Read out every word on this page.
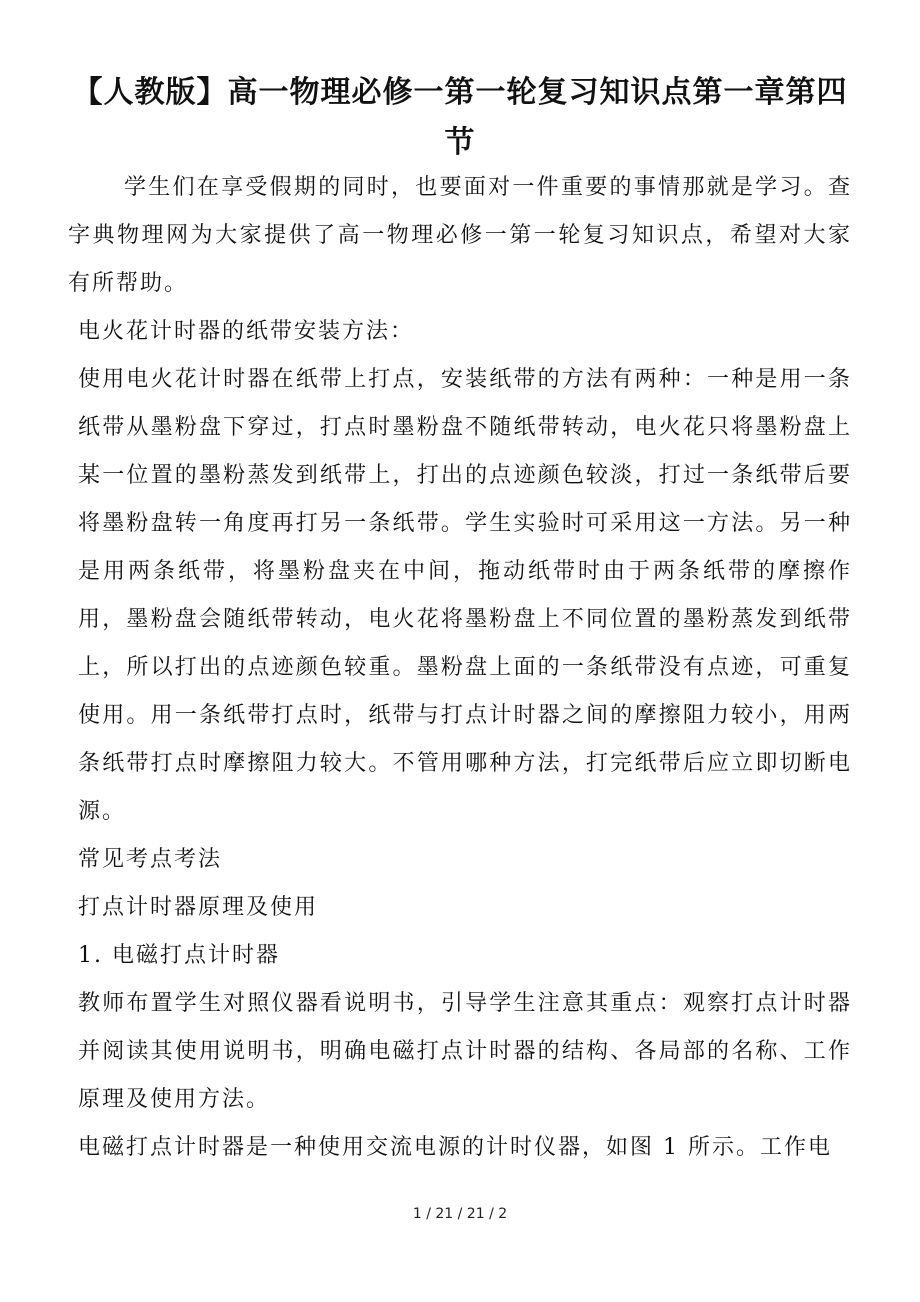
【人教版】高一物理必修一第一轮复习知识点第一章第四节

学生们在享受假期的同时，也要面对一件重要的事情那就是学习。查字典物理网为大家提供了高一物理必修一第一轮复习知识点，希望对大家有所帮助。

电火花计时器的纸带安装方法：

使用电火花计时器在纸带上打点，安装纸带的方法有两种：一种是用一条纸带从墨粉盘下穿过，打点时墨粉盘不随纸带转动，电火花只将墨粉盘上某一位置的墨粉蒸发到纸带上，打出的点迹颜色较淡，打过一条纸带后要将墨粉盘转一角度再打另一条纸带。学生实验时可采用这一方法。另一种是用两条纸带，将墨粉盘夹在中间，拖动纸带时由于两条纸带的摩擦作用，墨粉盘会随纸带转动，电火花将墨粉盘上不同位置的墨粉蒸发到纸带上，所以打出的点迹颜色较重。墨粉盘上面的一条纸带没有点迹，可重复使用。用一条纸带打点时，纸带与打点计时器之间的摩擦阻力较小，用两条纸带打点时摩擦阻力较大。不管用哪种方法，打完纸带后应立即切断电源。

常见考点考法

打点计时器原理及使用

1. 电磁打点计时器

教师布置学生对照仪器看说明书，引导学生注意其重点：观察打点计时器并阅读其使用说明书，明确电磁打点计时器的结构、各局部的名称、工作原理及使用方法。

电磁打点计时器是一种使用交流电源的计时仪器，如图 1 所示。工作电

1 / 21 / 21 / 2
